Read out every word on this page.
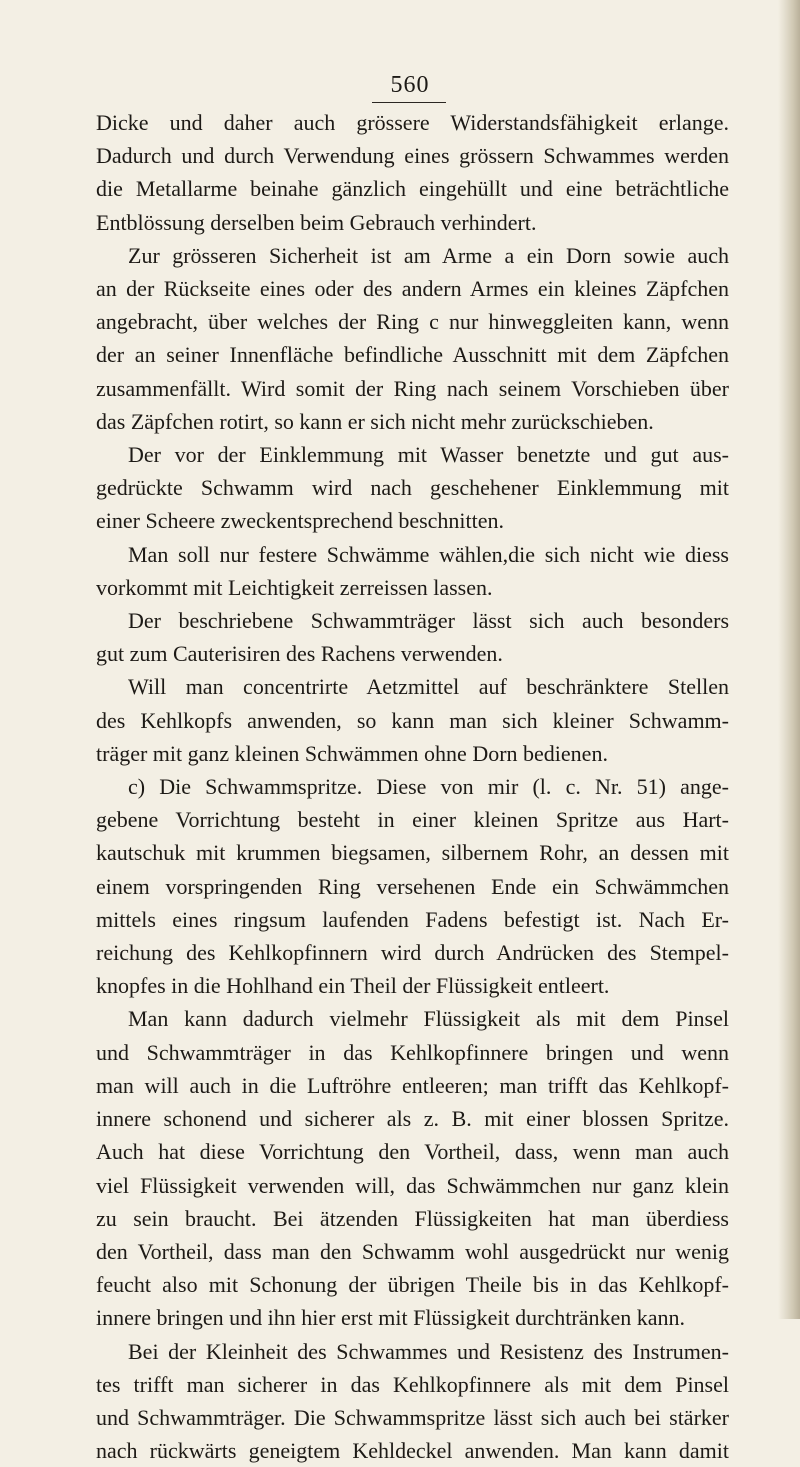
560
Dicke und daher auch grössere Widerstandsfähigkeit erlange.
Dadurch und durch Verwendung eines grössern Schwammes werden
die Metallarme beinahe gänzlich eingehüllt und eine beträchtliche
Entblössung derselben beim Gebrauch verhindert.
Zur grösseren Sicherheit ist am Arme a ein Dorn sowie auch
an der Rückseite eines oder des andern Armes ein kleines Zäpfchen
angebracht, über welches der Ring c nur hinweggleiten kann, wenn
der an seiner Innenfläche befindliche Ausschnitt mit dem Zäpfchen
zusammenfällt. Wird somit der Ring nach seinem Vorschieben über
das Zäpfchen rotirt, so kann er sich nicht mehr zurückschieben.
Der vor der Einklemmung mit Wasser benetzte und gut aus-
gedrückte Schwamm wird nach geschehener Einklemmung mit
einer Scheere zweckentsprechend beschnitten.
Man soll nur festere Schwämme wählen,die sich nicht wie diess
vorkommt mit Leichtigkeit zerreissen lassen.
Der beschriebene Schwammträger lässt sich auch besonders
gut zum Cauterisiren des Rachens verwenden.
Will man concentrirte Aetzmittel auf beschränktere Stellen
des Kehlkopfs anwenden, so kann man sich kleiner Schwamm-
träger mit ganz kleinen Schwämmen ohne Dorn bedienen.
c) Die Schwammspritze. Diese von mir (l. c. Nr. 51) ange-
gebene Vorrichtung besteht in einer kleinen Spritze aus Hart-
kautschuk mit krummen biegsamen, silbernem Rohr, an dessen mit
einem vorspringenden Ring versehenen Ende ein Schwämmchen
mittels eines ringsum laufenden Fadens befestigt ist. Nach Er-
reichung des Kehlkopfinnern wird durch Andrücken des Stempel-
knopfes in die Hohlhand ein Theil der Flüssigkeit entleert.
Man kann dadurch vielmehr Flüssigkeit als mit dem Pinsel
und Schwammträger in das Kehlkopfinnere bringen und wenn
man will auch in die Luftröhre entleeren; man trifft das Kehlkopf-
innere schonend und sicherer als z. B. mit einer blossen Spritze.
Auch hat diese Vorrichtung den Vortheil, dass, wenn man auch
viel Flüssigkeit verwenden will, das Schwämmchen nur ganz klein
zu sein braucht. Bei ätzenden Flüssigkeiten hat man überdiess
den Vortheil, dass man den Schwamm wohl ausgedrückt nur wenig
feucht also mit Schonung der übrigen Theile bis in das Kehlkopf-
innere bringen und ihn hier erst mit Flüssigkeit durchtränken kann.
Bei der Kleinheit des Schwammes und Resistenz des Instrumen-
tes trifft man sicherer in das Kehlkopfinnere als mit dem Pinsel
und Schwammträger. Die Schwammspritze lässt sich auch bei stärker
nach rückwärts geneigtem Kehldeckel anwenden. Man kann damit
